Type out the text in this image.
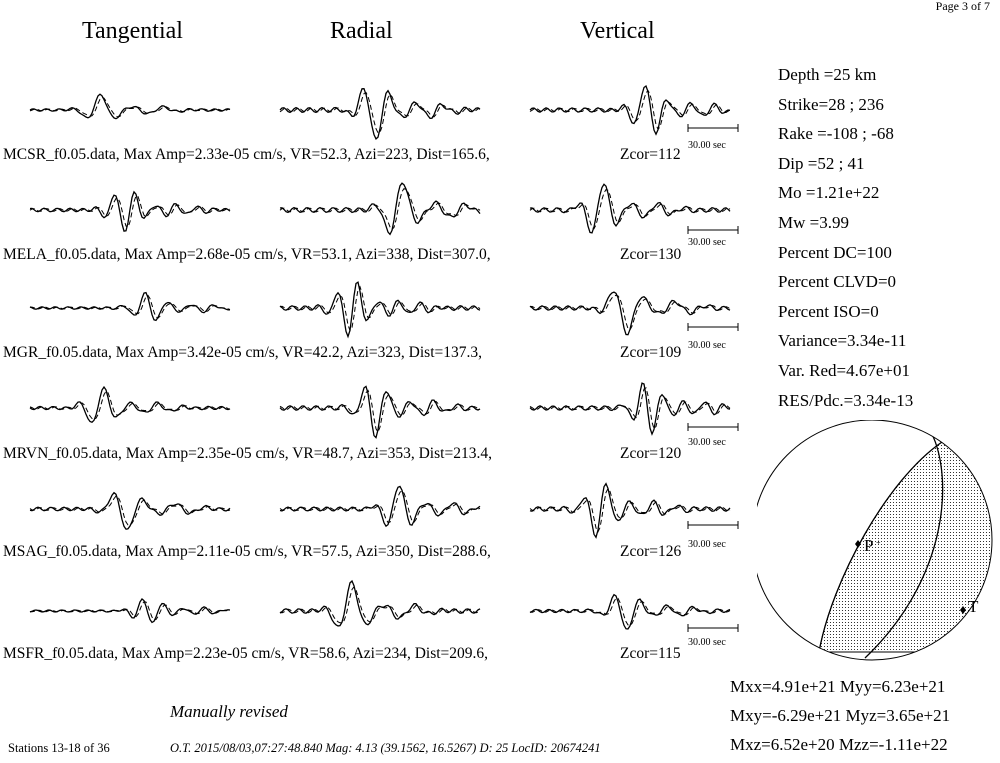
Page 3 of 7
Tangential	Radial	Vertical
30.00 sec
MCSR_f0.05.data, Max Amp=2.33e-05 cm/s, VR=52.3, Azi=223, Dist=165.6,	Zcor=112
30.00 sec
MELA_f0.05.data, Max Amp=2.68e-05 cm/s, VR=53.1, Azi=338, Dist=307.0,	Zcor=130
30.00 sec
MGR_f0.05.data, Max Amp=3.42e-05 cm/s, VR=42.2, Azi=323, Dist=137.3,	Zcor=109
30.00 sec
MRVN_f0.05.data, Max Amp=2.35e-05 cm/s, VR=48.7, Azi=353, Dist=213.4,	Zcor=120
30.00 sec
MSAG_f0.05.data, Max Amp=2.11e-05 cm/s, VR=57.5, Azi=350, Dist=288.6,	Zcor=126
30.00 sec
MSFR_f0.05.data, Max Amp=2.23e-05 cm/s, VR=58.6, Azi=234, Dist=209.6,	Zcor=115
Depth =25 km
Strike=28 ; 236
Rake =-108 ; -68
Dip =52 ; 41
Mo =1.21e+22
Mw =3.99
Percent DC=100
Percent CLVD=0
Percent ISO=0
Variance=3.34e-11
Var. Red=4.67e+01
RES/Pdc.=3.34e-13
P +
T
Mxx=4.91e+21 Myy=6.23e+21
Mxy=-6.29e+21 Myz=3.65e+21
Mxz=6.52e+20 Mzz=-1.11e+22
Manually revised
Stations 13-18 of 36	O.T. 2015/08/03,07:27:48.840 Mag: 4.13 (39.1562, 16.5267) D: 25 LocID: 20674241
